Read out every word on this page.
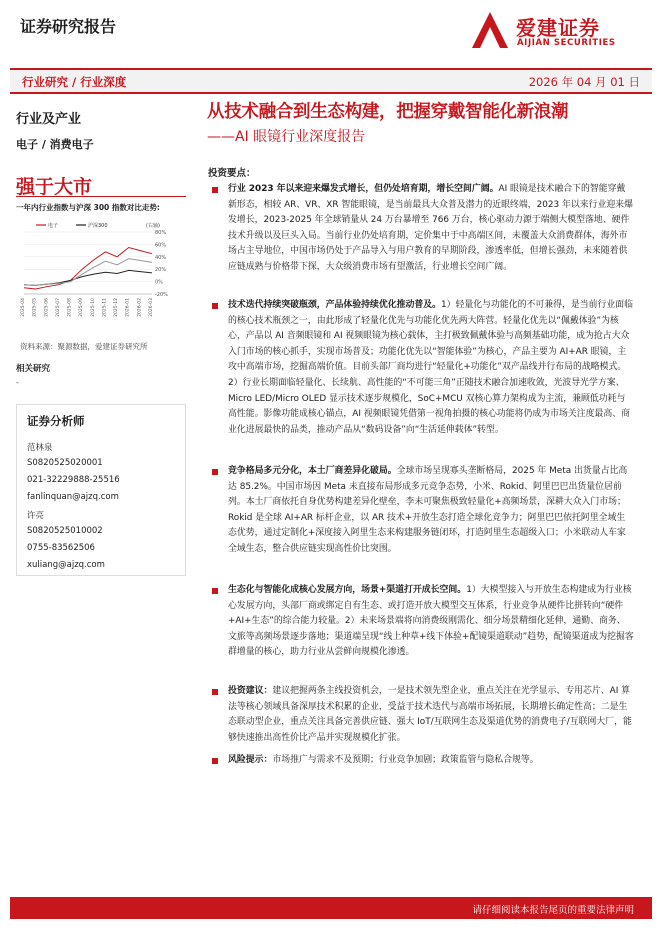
证券研究报告	爱建证券
AIJIAN SECURITIES
行业研究 / 行业深度	2026 年 04 月 01 日
行业及产业
电子 / 消费电子
强于大市
一年内行业指数与沪深 300 指数对比走势:
80%
60%
40%
20%
0%
-20%
2025-04 2025-05 2025-06 2025-07 2025-08 2025-09 2025-10 2025-11 2025-12 2026-01 2026-02 2026-03
电子	沪深300	(右轴)
资料来源：聚源数据，爱建证券研究所
相关研究
-
证券分析师
范林泉
S0820525020001
021-32229888-25516
fanlinquan@ajzq.com
许亮
S0820525010002
0755-83562506
xuliang@ajzq.com
从技术融合到生态构建，把握穿戴智能化新浪潮
——AI 眼镜行业深度报告
投资要点：
行业 2023 年以来迎来爆发式增长，但仍处培育期，增长空间广阔。AI 眼镜是技术融合下的智能穿戴新形态，相较 AR、VR、XR 智能眼镜，是当前最具大众普及潜力的近眼终端，2023 年以来行业迎来爆发增长，2023-2025 年全球销量从 24 万台暴增至 766 万台，核心驱动力源于端侧大模型落地、硬件技术升级以及巨头入局。当前行业仍处培育期，定价集中于中高端区间，未覆盖大众消费群体，海外市场占主导地位，中国市场仍处于产品导入与用户教育的早期阶段，渗透率低，但增长强劲，未来随着供应链成熟与价格带下探，大众级消费市场有望激活，行业增长空间广阔。
技术迭代持续突破瓶颈，产品体验持续优化推动普及。1）轻量化与功能化的不可兼得，是当前行业面临的核心技术瓶颈之一，由此形成了轻量化优先与功能化优先两大阵营。轻量化优先以“佩戴体验”为核心，产品以 AI 音频眼镜和 AI 视频眼镜为核心载体，主打极致佩戴体验与高频基础功能，成为抢占大众入门市场的核心抓手，实现市场普及；功能化优先以“智能体验”为核心，产品主要为 AI+AR 眼镜，主攻中高端市场，挖掘高端价值。目前头部厂商均进行“轻量化+功能化”双产品线并行布局的战略模式。2）行业长期面临轻量化、长续航、高性能的“不可能三角”正随技术融合加速收敛，光波导光学方案、Micro LED/Micro OLED 显示技术逐步规模化，SoC+MCU 双核心算力架构成为主流，兼顾低功耗与高性能。影像功能成核心锚点，AI 视频眼镜凭借第一视角拍摄的核心功能将仍成为市场关注度最高、商业化进展最快的品类，推动产品从“数码设备”向“生活延伸载体”转型。
竞争格局多元分化，本土厂商差异化破局。全球市场呈现寡头垄断格局，2025 年 Meta 出货量占比高达 85.2%。中国市场因 Meta 未直接布局形成多元竞争态势，小米、Rokid、阿里巴巴出货量位居前列。本土厂商依托自身优势构建差异化壁垒，李未可聚焦极致轻量化+高频场景，深耕大众入门市场；Rokid 是全球 AI+AR 标杆企业，以 AR 技术+开放生态打造全球化竞争力；阿里巴巴依托阿里全域生态优势，通过定制化+深度接入阿里生态来构建服务链闭环，打造阿里生态超级入口；小米联动人车家全域生态，整合供应链实现高性价比突围。
生态化与智能化成核心发展方向，场景+渠道打开成长空间。1）大模型接入与开放生态构建成为行业核心发展方向，头部厂商或绑定自有生态、或打造开放大模型交互体系，行业竞争从硬件比拼转向“硬件+AI+生态”的综合能力较量。2）未来场景端将向消费级刚需化、细分场景精细化延伸，通勤、商务、文旅等高频场景逐步落地；渠道端呈现“线上种草+线下体验+配镜渠道联动”趋势，配镜渠道成为挖掘客群增量的核心，助力行业从尝鲜向规模化渗透。
投资建议：建议把握两条主线投资机会，一是技术领先型企业，重点关注在光学显示、专用芯片、AI 算法等核心领域具备深厚技术积累的企业，受益于技术迭代与高端市场拓展，长期增长确定性高；二是生态联动型企业，重点关注具备完善供应链、强大 IoT/互联网生态及渠道优势的消费电子/互联网大厂，能够快速推出高性价比产品并实现规模化扩张。
风险提示：市场推广与需求不及预期；行业竞争加剧；政策监管与隐私合规等。
请仔细阅读本报告尾页的重要法律声明
